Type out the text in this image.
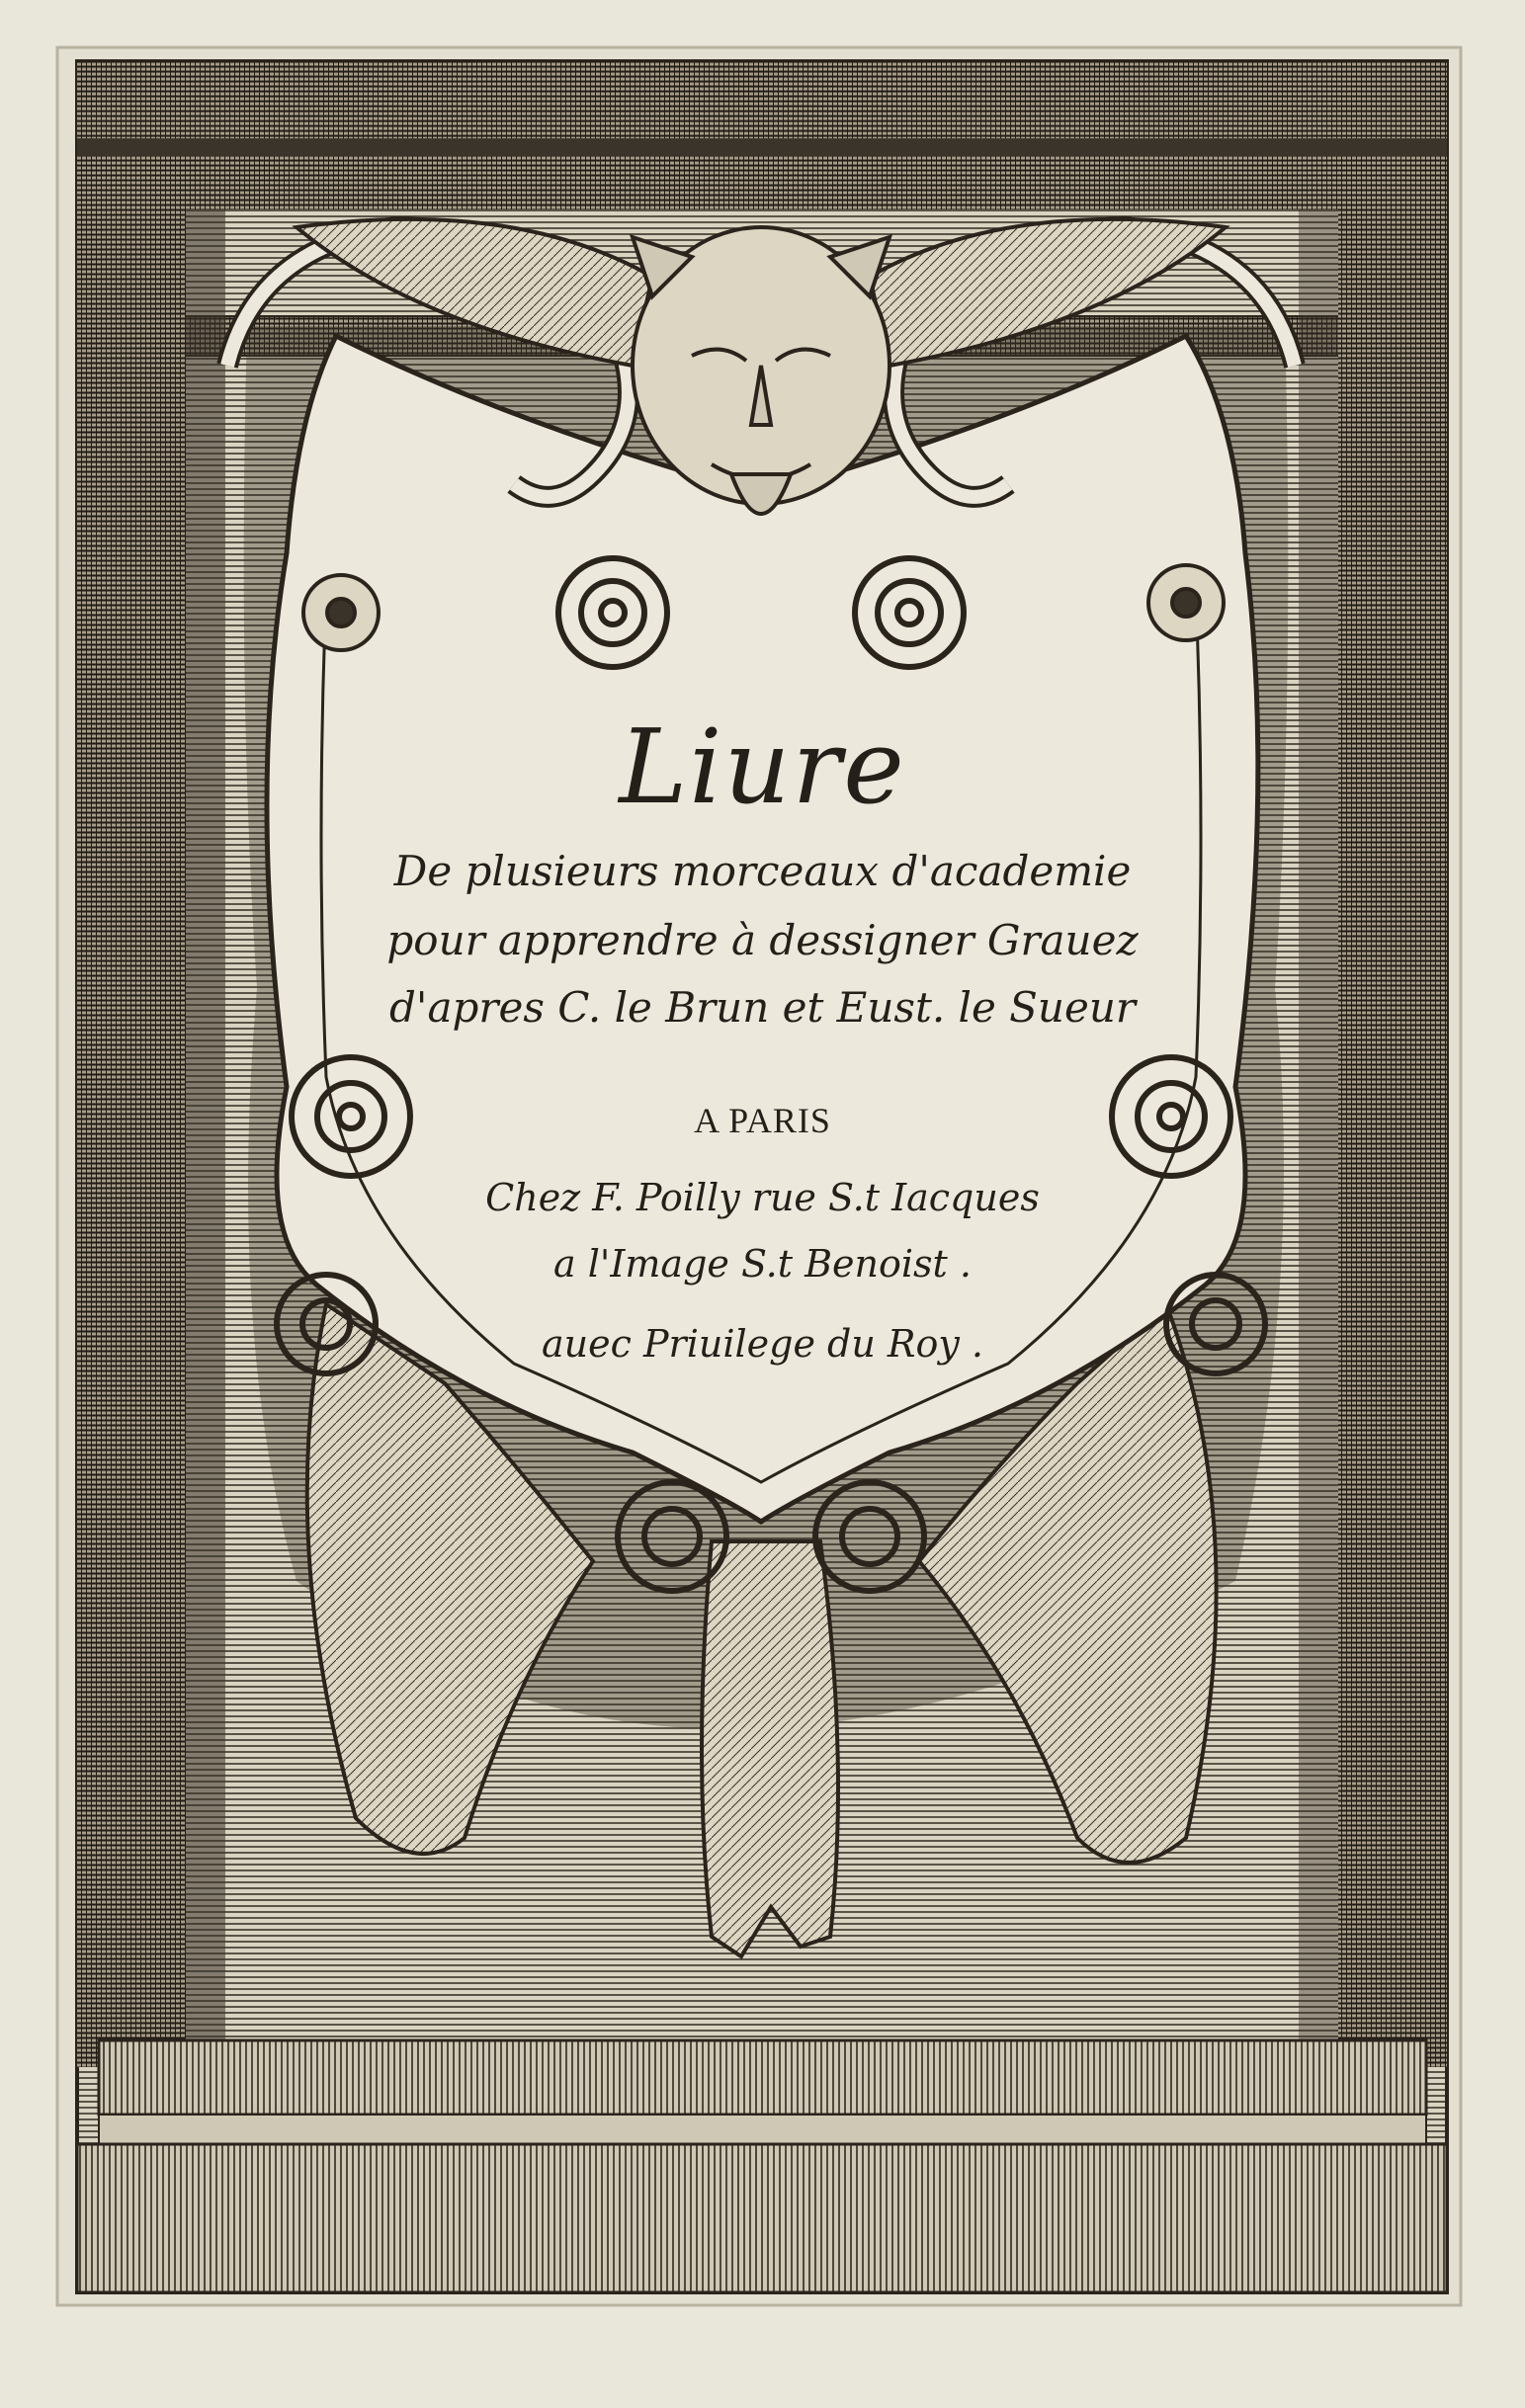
Liure

De plusieurs morceaux d'academie

pour apprendre à dessigner Grauez

d'apres C. le Brun et Eust. le Sueur

A PARIS

Chez F. Poilly rue S.t Iacques

a l'Image S.t Benoist .

auec Priuilege du Roy .
